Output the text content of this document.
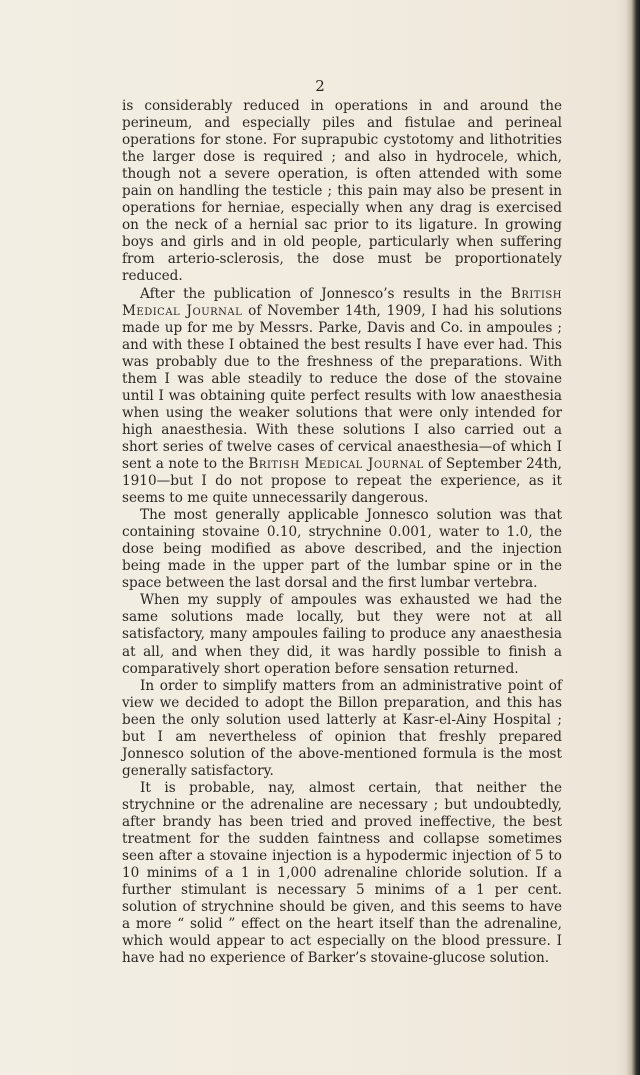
2

is considerably reduced in operations in and around the perineum, and especially piles and fistulae and perineal operations for stone. For suprapubic cystotomy and lithotrities the larger dose is required ; and also in hydrocele, which, though not a severe operation, is often attended with some pain on handling the testicle ; this pain may also be present in operations for herniae, especially when any drag is exercised on the neck of a hernial sac prior to its ligature. In growing boys and girls and in old people, particularly when suffering from arterio-sclerosis, the dose must be proportionately reduced.

After the publication of Jonnesco’s results in the British Medical Journal of November 14th, 1909, I had his solutions made up for me by Messrs. Parke, Davis and Co. in ampoules ; and with these I obtained the best results I have ever had. This was probably due to the freshness of the preparations. With them I was able steadily to reduce the dose of the stovaine until I was obtaining quite perfect results with low anaesthesia when using the weaker solutions that were only intended for high anaesthesia. With these solutions I also carried out a short series of twelve cases of cervical anaesthesia—of which I sent a note to the British Medical Journal of September 24th, 1910—but I do not propose to repeat the experience, as it seems to me quite unnecessarily dangerous.

The most generally applicable Jonnesco solution was that containing stovaine 0.10, strychnine 0.001, water to 1.0, the dose being modified as above described, and the injection being made in the upper part of the lumbar spine or in the space between the last dorsal and the first lumbar vertebra.

When my supply of ampoules was exhausted we had the same solutions made locally, but they were not at all satisfactory, many ampoules failing to produce any anaesthesia at all, and when they did, it was hardly possible to finish a comparatively short operation before sensation returned.

In order to simplify matters from an administrative point of view we decided to adopt the Billon preparation, and this has been the only solution used latterly at Kasr-el-Ainy Hospital ; but I am nevertheless of opinion that freshly prepared Jonnesco solution of the above-mentioned formula is the most generally satisfactory.

It is probable, nay, almost certain, that neither the strychnine or the adrenaline are necessary ; but undoubtedly, after brandy has been tried and proved ineffective, the best treatment for the sudden faintness and collapse sometimes seen after a stovaine injection is a hypodermic injection of 5 to 10 minims of a 1 in 1,000 adrenaline chloride solution. If a further stimulant is necessary 5 minims of a 1 per cent. solution of strychnine should be given, and this seems to have a more “ solid ” effect on the heart itself than the adrenaline, which would appear to act especially on the blood pressure. I have had no experience of Barker’s stovaine-glucose solution.
